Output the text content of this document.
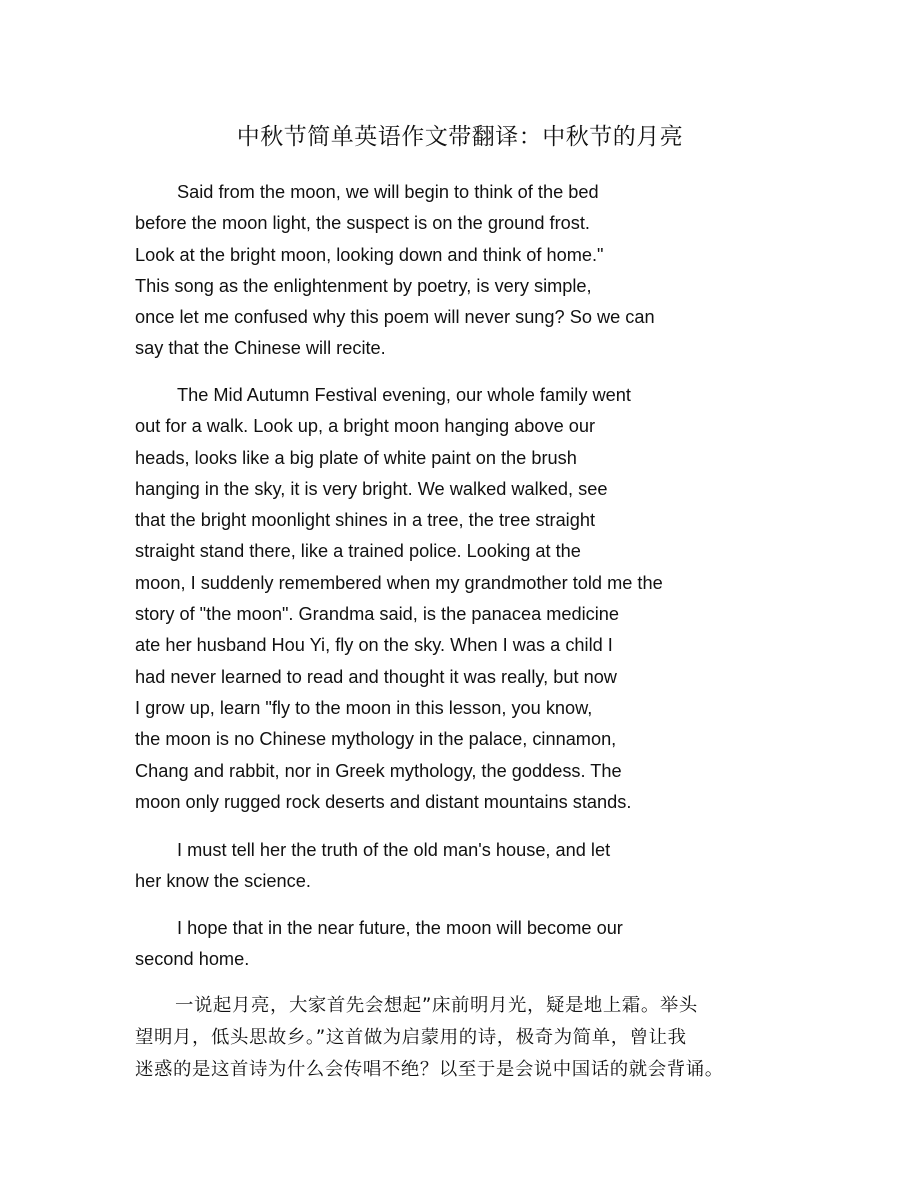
中秋节简单英语作文带翻译：中秋节的月亮
Said from the moon, we will begin to think of the bed
before the moon light, the suspect is on the ground frost.
Look at the bright moon, looking down and think of home."
This song as the enlightenment by poetry, is very simple,
once let me confused why this poem will never sung? So we can
say that the Chinese will recite.
The Mid Autumn Festival evening, our whole family went
out for a walk. Look up, a bright moon hanging above our
heads, looks like a big plate of white paint on the brush
hanging in the sky, it is very bright. We walked walked, see
that the bright moonlight shines in a tree, the tree straight
straight stand there, like a trained police. Looking at the
moon, I suddenly remembered when my grandmother told me the
story of "the moon". Grandma said, is the panacea medicine
ate her husband Hou Yi, fly on the sky. When I was a child I
had never learned to read and thought it was really, but now
I grow up, learn "fly to the moon in this lesson, you know,
the moon is no Chinese mythology in the palace, cinnamon,
Chang and rabbit, nor in Greek mythology, the goddess. The
moon only rugged rock deserts and distant mountains stands.
I must tell her the truth of the old man's house, and let
her know the science.
I hope that in the near future, the moon will become our
second home.
一说起月亮，大家首先会想起”床前明月光，疑是地上霜。举头
望明月，低头思故乡。”这首做为启蒙用的诗，极奇为简单，曾让我
迷惑的是这首诗为什么会传唱不绝？以至于是会说中国话的就会背诵。
